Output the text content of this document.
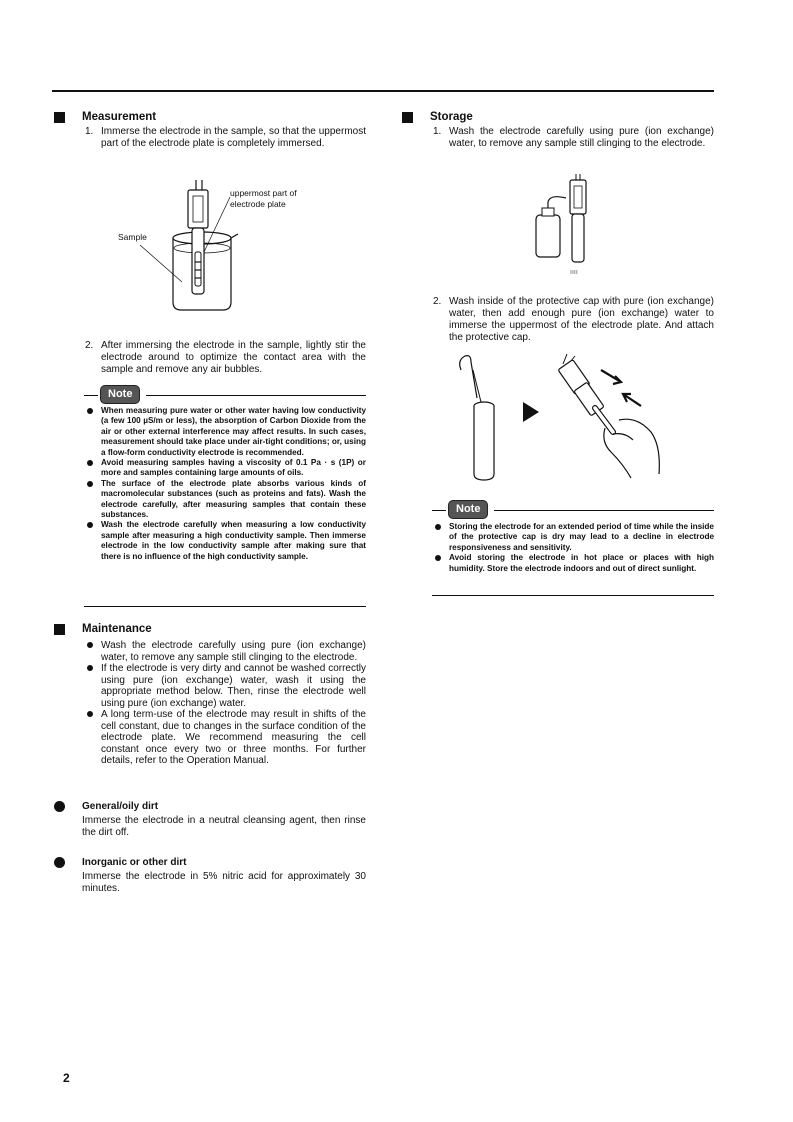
Measurement
1. Immerse the electrode in the sample, so that the uppermost part of the electrode plate is completely immersed.
uppermost part of
electrode plate
Sample
2. After immersing the electrode in the sample, lightly stir the electrode around to optimize the contact area with the sample and remove any air bubbles.
Note
When measuring pure water or other water having low conductivity (a few 100 µS/m or less), the absorption of Carbon Dioxide from the air or other external interference may affect results. In such cases, measurement should take place under air-tight conditions; or, using a flow-form conductivity electrode is recommended.
Avoid measuring samples having a viscosity of 0.1 Pa · s (1P) or more and samples containing large amounts of oils.
The surface of the electrode plate absorbs various kinds of macromolecular substances (such as proteins and fats). Wash the electrode carefully, after measuring samples that contain these substances.
Wash the electrode carefully when measuring a low conductivity sample after measuring a high conductivity sample. Then immerse electrode in the low conductivity sample after making sure that there is no influence of the high conductivity sample.
Maintenance
Wash the electrode carefully using pure (ion exchange) water, to remove any sample still clinging to the electrode.
If the electrode is very dirty and cannot be washed correctly using pure (ion exchange) water, wash it using the appropriate method below. Then, rinse the electrode well using pure (ion exchange) water.
A long term-use of the electrode may result in shifts of the cell constant, due to changes in the surface condition of the electrode plate. We recommend measuring the cell constant once every two or three months. For further details, refer to the Operation Manual.
General/oily dirt

Immerse the electrode in a neutral cleansing agent, then rinse the dirt off.

Inorganic or other dirt

Immerse the electrode in 5% nitric acid for approximately 30 minutes.

Storage
1. Wash the electrode carefully using pure (ion exchange) water, to remove any sample still clinging to the electrode.
ıııı
2. Wash inside of the protective cap with pure (ion exchange) water, then add enough pure (ion exchange) water to immerse the uppermost of the electrode plate. And attach the protective cap.
Note
Storing the electrode for an extended period of time while the inside of the protective cap is dry may lead to a decline in electrode responsiveness and sensitivity.
Avoid storing the electrode in hot place or places with high humidity. Store the electrode indoors and out of direct sunlight.
2
